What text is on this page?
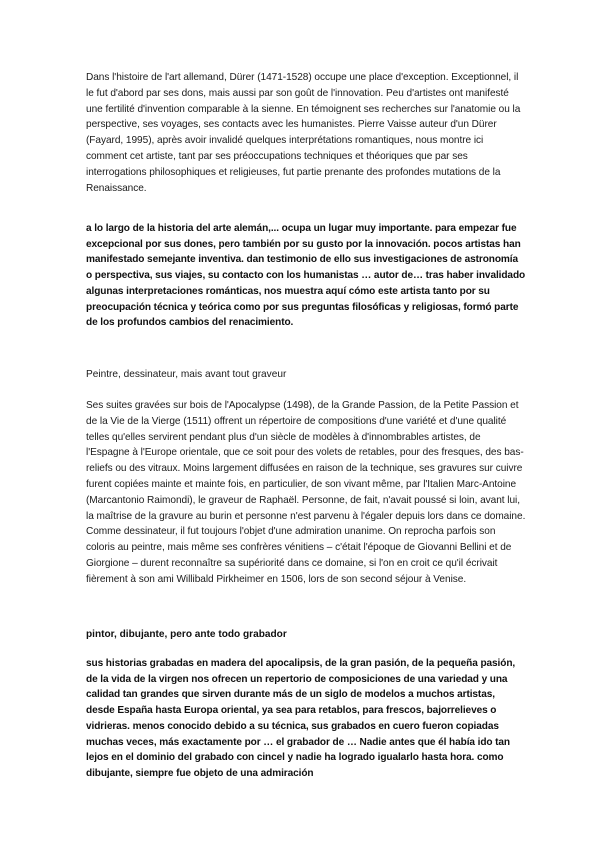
Dans l'histoire de l'art allemand, Dürer (1471-1528) occupe une place d'exception. Exceptionnel, il le fut d'abord par ses dons, mais aussi par son goût de l'innovation. Peu d'artistes ont manifesté une fertilité d'invention comparable à la sienne. En témoignent ses recherches sur l'anatomie ou la perspective, ses voyages, ses contacts avec les humanistes. Pierre Vaisse auteur d'un Dürer (Fayard, 1995), après avoir invalidé quelques interprétations romantiques, nous montre ici comment cet artiste, tant par ses préoccupations techniques et théoriques que par ses interrogations philosophiques et religieuses, fut partie prenante des profondes mutations de la Renaissance.

a lo largo de la historia del arte alemán,... ocupa un lugar muy importante. para empezar fue excepcional por sus dones, pero también por su gusto por la innovación. pocos artistas han manifestado semejante inventiva. dan testimonio de ello sus investigaciones de astronomía o perspectiva, sus viajes, su contacto con los humanistas … autor de… tras haber invalidado algunas interpretaciones románticas, nos muestra aquí cómo este artista tanto por su preocupación técnica y teórica como por sus preguntas filosóficas y religiosas, formó parte de los profundos cambios del renacimiento.

Peintre, dessinateur, mais avant tout graveur

Ses suites gravées sur bois de l'Apocalypse (1498), de la Grande Passion, de la Petite Passion et de la Vie de la Vierge (1511) offrent un répertoire de compositions d'une variété et d'une qualité telles qu'elles servirent pendant plus d'un siècle de modèles à d'innombrables artistes, de l'Espagne à l'Europe orientale, que ce soit pour des volets de retables, pour des fresques, des bas-reliefs ou des vitraux. Moins largement diffusées en raison de la technique, ses gravures sur cuivre furent copiées mainte et mainte fois, en particulier, de son vivant même, par l'Italien Marc-Antoine (Marcantonio Raimondi), le graveur de Raphaël. Personne, de fait, n'avait poussé si loin, avant lui, la maîtrise de la gravure au burin et personne n'est parvenu à l'égaler depuis lors dans ce domaine. Comme dessinateur, il fut toujours l'objet d'une admiration unanime. On reprocha parfois son coloris au peintre, mais même ses confrères vénitiens – c'était l'époque de Giovanni Bellini et de Giorgione – durent reconnaître sa supériorité dans ce domaine, si l'on en croit ce qu'il écrivait fièrement à son ami Willibald Pirkheimer en 1506, lors de son second séjour à Venise.

pintor, dibujante, pero ante todo grabador

sus historias grabadas en madera del apocalipsis, de la gran pasión, de la pequeña pasión, de la vida de la virgen nos ofrecen un repertorio de composiciones de una variedad y una calidad tan grandes que sirven durante más de un siglo de modelos a muchos artistas, desde España hasta Europa oriental, ya sea para retablos, para frescos, bajorrelieves o vidrieras. menos conocido debido a su técnica, sus grabados en cuero fueron copiadas muchas veces, más exactamente por … el grabador de … Nadie antes que él había ido tan lejos en el dominio del grabado con cincel y nadie ha logrado igualarlo hasta hora. como dibujante, siempre fue objeto de una admiración
